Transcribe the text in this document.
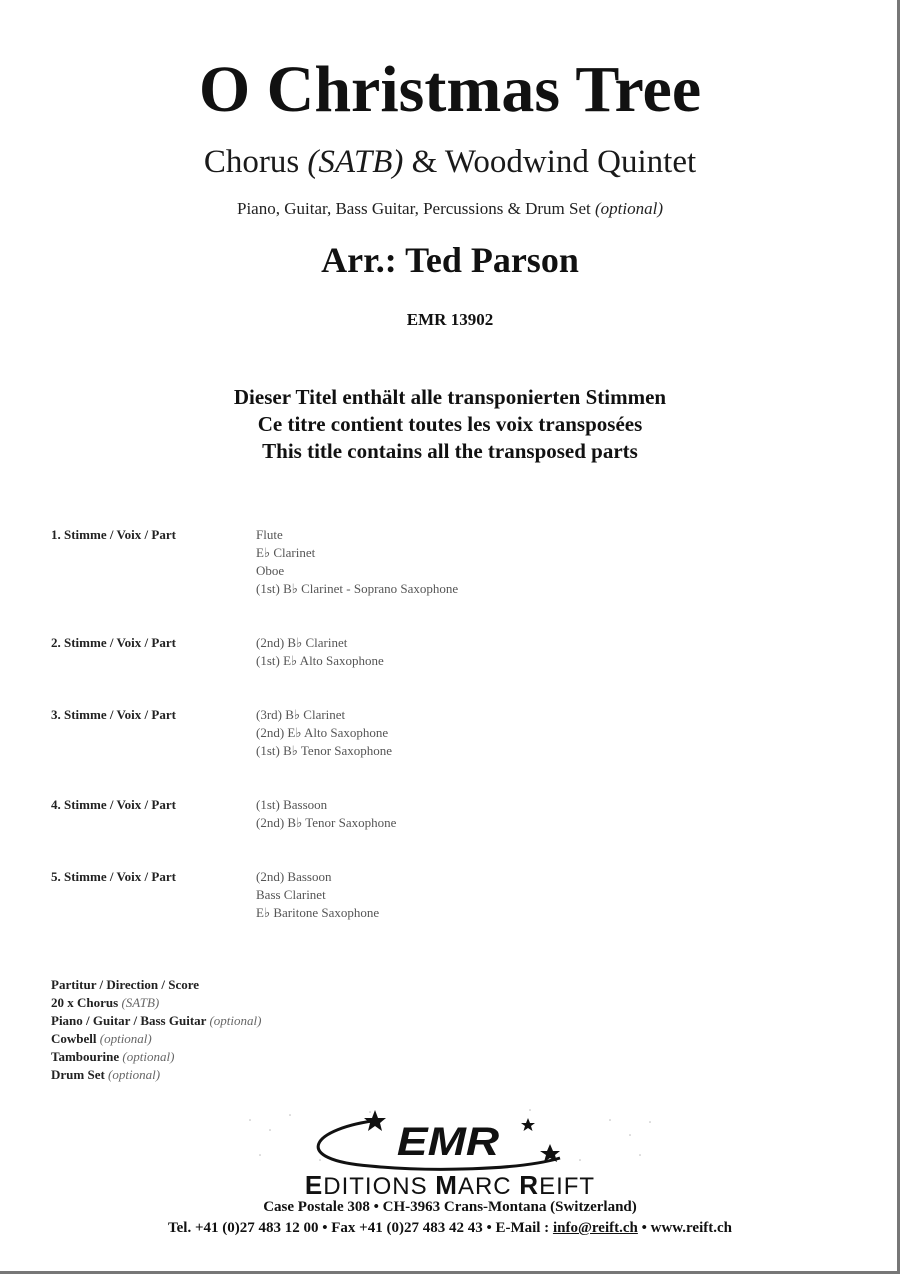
O Christmas Tree
Chorus (SATB) & Woodwind Quintet
Piano, Guitar, Bass Guitar, Percussions & Drum Set (optional)
Arr.: Ted Parson
EMR 13902
Dieser Titel enthält alle transponierten Stimmen
Ce titre contient toutes les voix transposées
This title contains all the transposed parts
1. Stimme / Voix / Part	Flute
E♭ Clarinet
Oboe
(1st) B♭ Clarinet - Soprano Saxophone
2. Stimme / Voix / Part	(2nd) B♭ Clarinet
(1st) E♭ Alto Saxophone
3. Stimme / Voix / Part	(3rd) B♭ Clarinet
(2nd) E♭ Alto Saxophone
(1st) B♭ Tenor Saxophone
4. Stimme / Voix / Part	(1st) Bassoon
(2nd) B♭ Tenor Saxophone
5. Stimme / Voix / Part	(2nd) Bassoon
Bass Clarinet
E♭ Baritone Saxophone
Partitur / Direction / Score
20 x Chorus (SATB)
Piano / Guitar / Bass Guitar (optional)
Cowbell (optional)
Tambourine (optional)
Drum Set (optional)
EMR
EDITIONS MARC REIFT
Case Postale 308 • CH-3963 Crans-Montana (Switzerland)
Tel. +41 (0)27 483 12 00 • Fax +41 (0)27 483 42 43 • E-Mail : info@reift.ch • www.reift.ch
